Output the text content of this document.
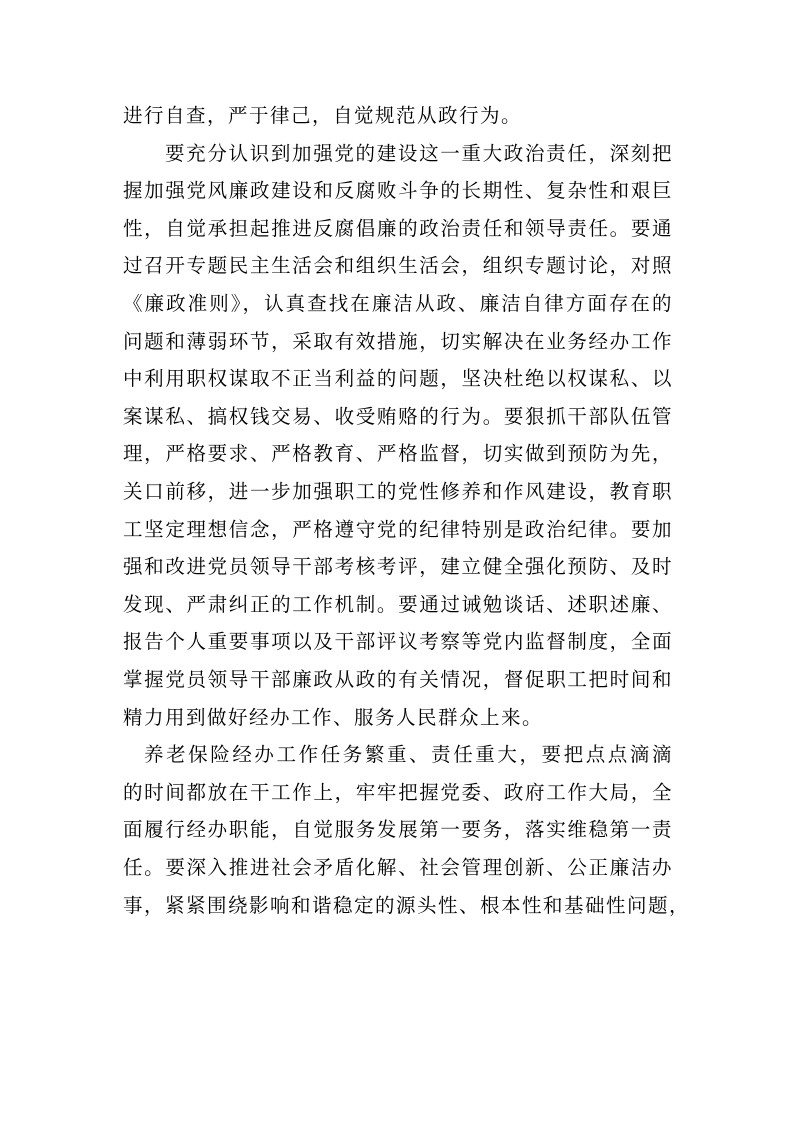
进行自查，严于律己，自觉规范从政行为。
要充分认识到加强党的建设这一重大政治责任，深刻把
握加强党风廉政建设和反腐败斗争的长期性、复杂性和艰巨
性，自觉承担起推进反腐倡廉的政治责任和领导责任。要通
过召开专题民主生活会和组织生活会，组织专题讨论，对照
《廉政准则》，认真查找在廉洁从政、廉洁自律方面存在的
问题和薄弱环节，采取有效措施，切实解决在业务经办工作
中利用职权谋取不正当利益的问题，坚决杜绝以权谋私、以
案谋私、搞权钱交易、收受贿赂的行为。要狠抓干部队伍管
理，严格要求、严格教育、严格监督，切实做到预防为先，
关口前移，进一步加强职工的党性修养和作风建设，教育职
工坚定理想信念，严格遵守党的纪律特别是政治纪律。要加
强和改进党员领导干部考核考评，建立健全强化预防、及时
发现、严肃纠正的工作机制。要通过诫勉谈话、述职述廉、
报告个人重要事项以及干部评议考察等党内监督制度，全面
掌握党员领导干部廉政从政的有关情况，督促职工把时间和
精力用到做好经办工作、服务人民群众上来。
养老保险经办工作任务繁重、责任重大，要把点点滴滴
的时间都放在干工作上，牢牢把握党委、政府工作大局，全
面履行经办职能，自觉服务发展第一要务，落实维稳第一责
任。要深入推进社会矛盾化解、社会管理创新、公正廉洁办
事，紧紧围绕影响和谐稳定的源头性、根本性和基础性问题，
